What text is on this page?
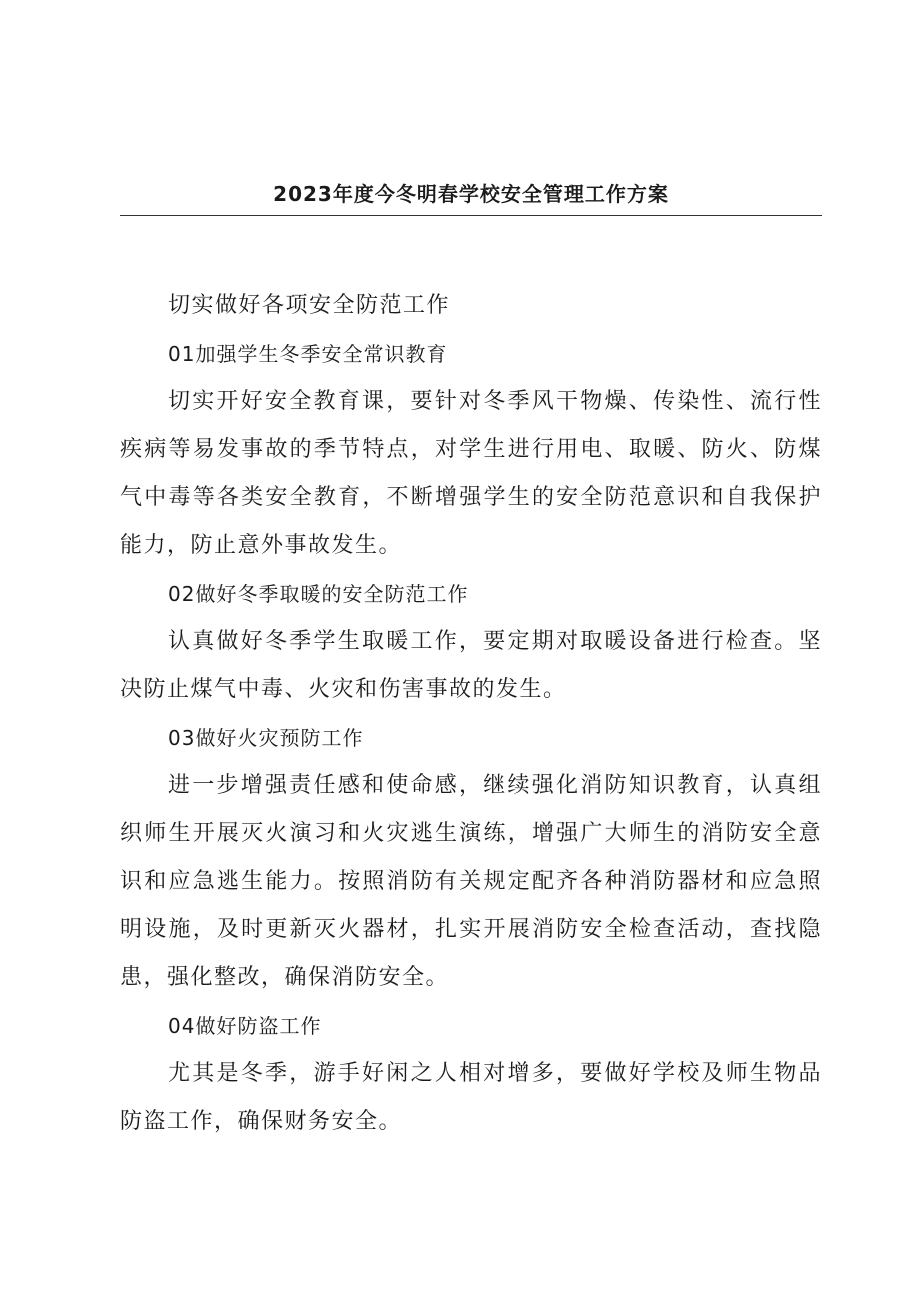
2023年度今冬明春学校安全管理工作方案

切实做好各项安全防范工作

01加强学生冬季安全常识教育

切实开好安全教育课，要针对冬季风干物燥、传染性、流行性疾病等易发事故的季节特点，对学生进行用电、取暖、防火、防煤气中毒等各类安全教育，不断增强学生的安全防范意识和自我保护能力，防止意外事故发生。

02做好冬季取暖的安全防范工作

认真做好冬季学生取暖工作，要定期对取暖设备进行检查。坚决防止煤气中毒、火灾和伤害事故的发生。

03做好火灾预防工作

进一步增强责任感和使命感，继续强化消防知识教育，认真组织师生开展灭火演习和火灾逃生演练，增强广大师生的消防安全意识和应急逃生能力。按照消防有关规定配齐各种消防器材和应急照明设施，及时更新灭火器材，扎实开展消防安全检查活动，查找隐患，强化整改，确保消防安全。

04做好防盗工作

尤其是冬季，游手好闲之人相对增多，要做好学校及师生物品防盗工作，确保财务安全。
